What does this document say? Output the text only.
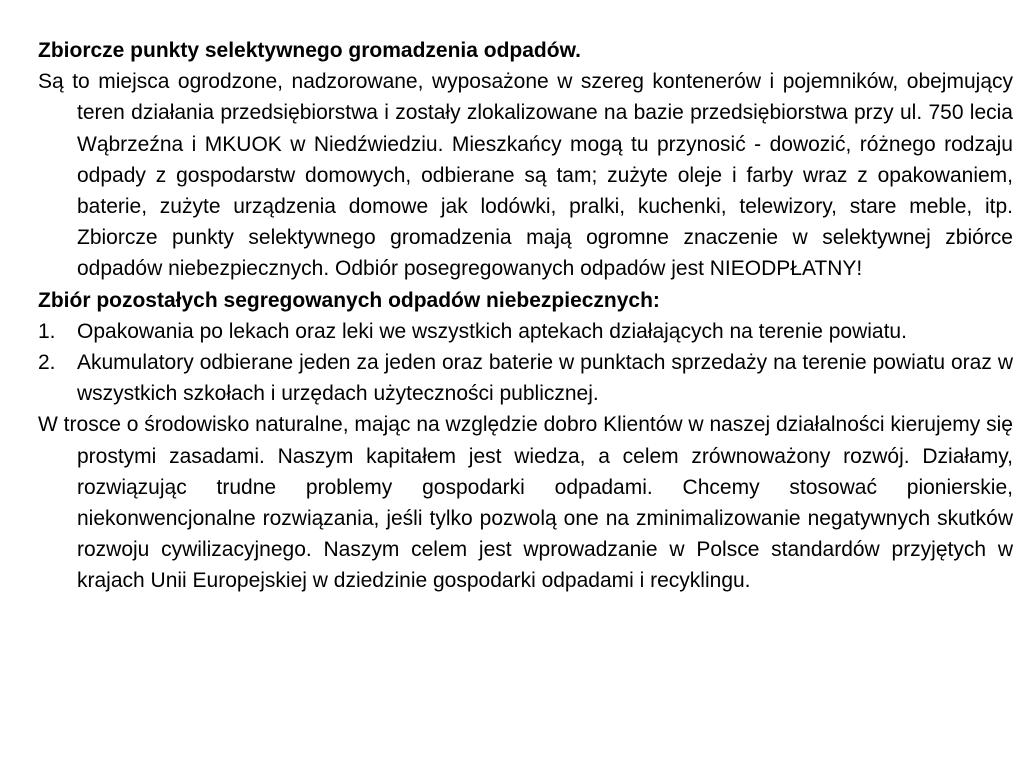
Zbiorcze punkty selektywnego gromadzenia odpadów.

Są to miejsca ogrodzone, nadzorowane, wyposażone w szereg kontenerów i pojemników, obejmujący teren działania przedsiębiorstwa i zostały zlokalizowane na bazie przedsiębiorstwa przy ul. 750 lecia Wąbrzeźna i MKUOK w Niedźwiedziu. Mieszkańcy mogą tu przynosić - dowozić, różnego rodzaju odpady z gospodarstw domowych, odbierane są tam; zużyte oleje i farby wraz z opakowaniem, baterie, zużyte urządzenia domowe jak lodówki, pralki, kuchenki, telewizory, stare meble, itp. Zbiorcze punkty selektywnego gromadzenia mają ogromne znaczenie w selektywnej zbiórce odpadów niebezpiecznych. Odbiór posegregowanych odpadów jest NIEODPŁATNY!

Zbiór pozostałych segregowanych odpadów niebezpiecznych:

1. Opakowania po lekach oraz leki we wszystkich aptekach działających na terenie powiatu.
2. Akumulatory odbierane jeden za jeden oraz baterie w punktach sprzedaży na terenie powiatu oraz w wszystkich szkołach i urzędach użyteczności publicznej.

W trosce o środowisko naturalne, mając na względzie dobro Klientów w naszej działalności kierujemy się prostymi zasadami. Naszym kapitałem jest wiedza, a celem zrównoważony rozwój. Działamy, rozwiązując trudne problemy gospodarki odpadami. Chcemy stosować pionierskie, niekonwencjonalne rozwiązania, jeśli tylko pozwolą one na zminimalizowanie negatywnych skutków rozwoju cywilizacyjnego. Naszym celem jest wprowadzanie w Polsce standardów przyjętych w krajach Unii Europejskiej w dziedzinie gospodarki odpadami i recyklingu.
